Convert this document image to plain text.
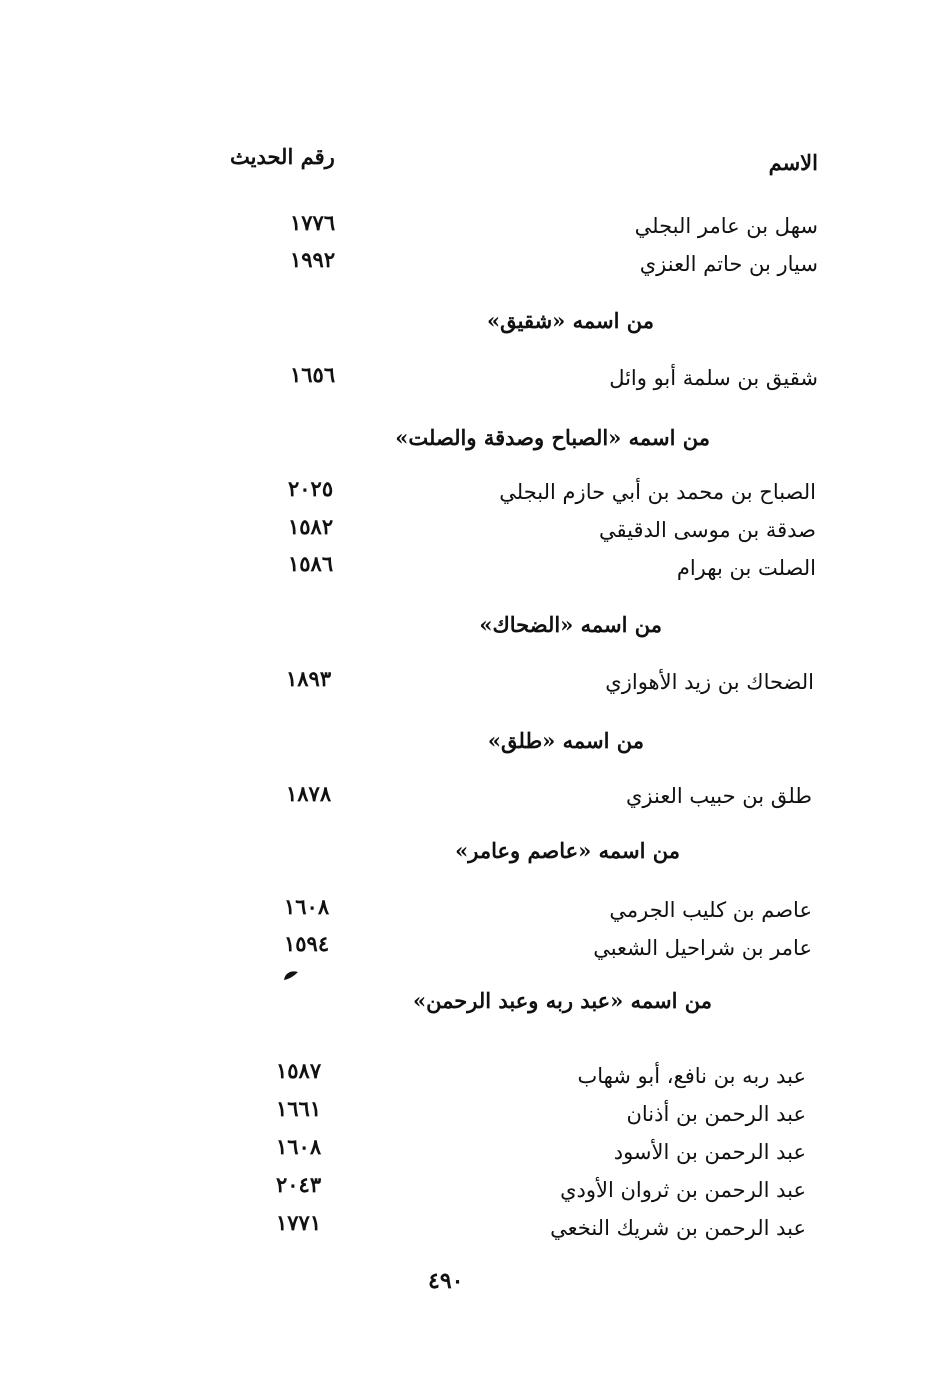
الاسم
رقم الحديث
سهل بن عامر البجلي
١٧٧٦
سيار بن حاتم العنزي
١٩٩٢
من اسمه «شقيق»
شقيق بن سلمة أبو وائل
١٦٥٦
من اسمه «الصباح وصدقة والصلت»
الصباح بن محمد بن أبي حازم البجلي
٢٠٢٥
صدقة بن موسى الدقيقي
١٥٨٢
الصلت بن بهرام
١٥٨٦
من اسمه «الضحاك»
الضحاك بن زيد الأهوازي
١٨٩٣
من اسمه «طلق»
طلق بن حبيب العنزي
١٨٧٨
من اسمه «عاصم وعامر»
عاصم بن كليب الجرمي
١٦٠٨
عامر بن شراحيل الشعبي
١٥٩٤
من اسمه «عبد ربه وعبد الرحمن»
عبد ربه بن نافع، أبو شهاب
١٥٨٧
عبد الرحمن بن أذنان
١٦٦١
عبد الرحمن بن الأسود
١٦٠٨
عبد الرحمن بن ثروان الأودي
٢٠٤٣
عبد الرحمن بن شريك النخعي
١٧٧١
٤٩٠
